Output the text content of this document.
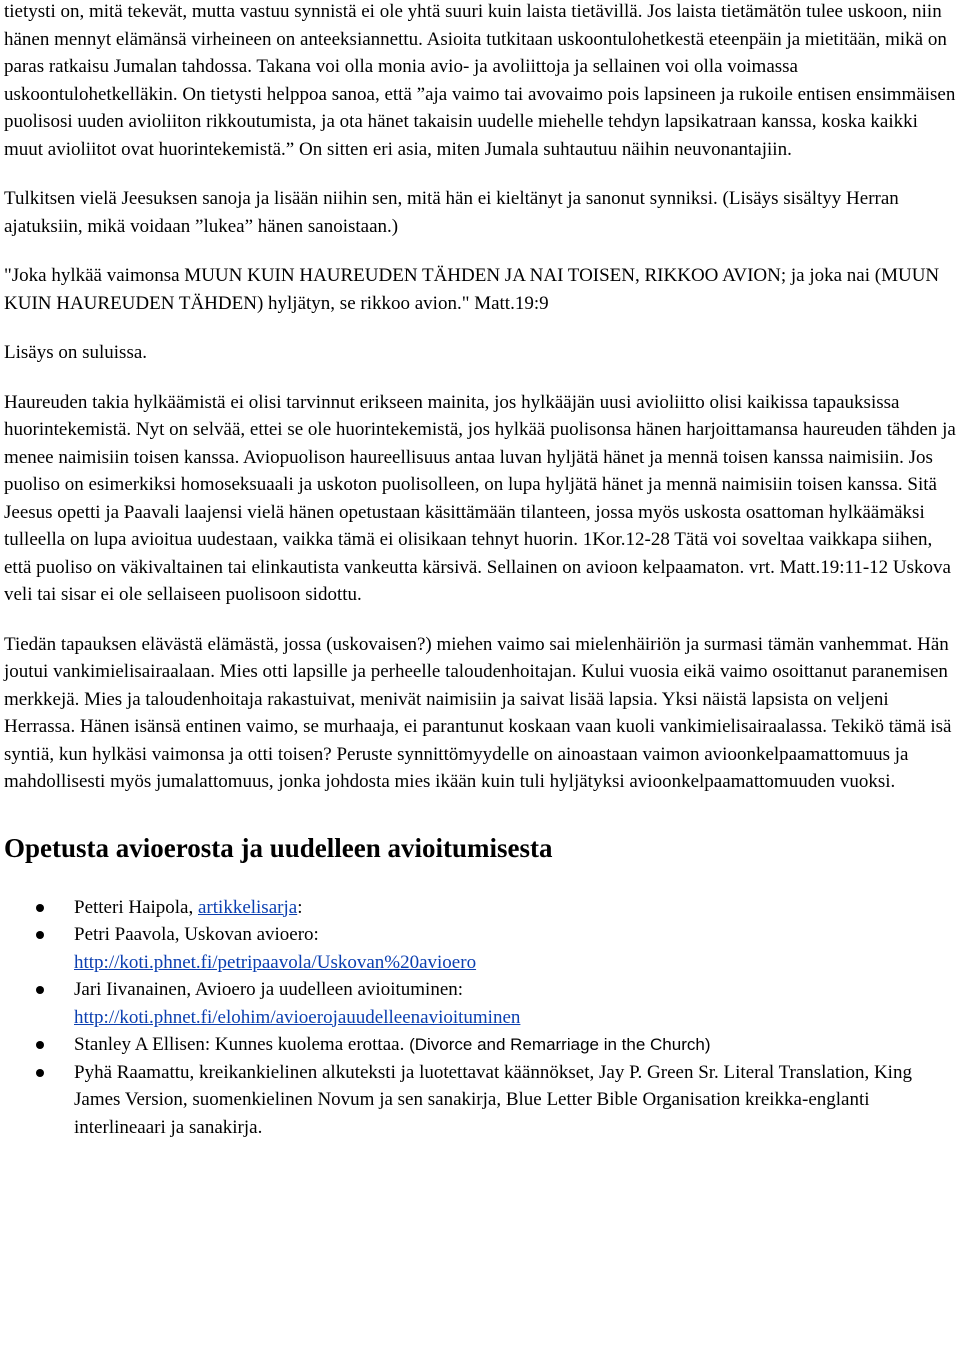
tietysti on, mitä tekevät, mutta vastuu synnistä ei ole yhtä suuri kuin laista tietävillä. Jos laista tietämätön tulee uskoon, niin hänen mennyt elämänsä virheineen on anteeksiannettu. Asioita tutkitaan uskoontulohetkestä eteenpäin ja mietitään, mikä on paras ratkaisu Jumalan tahdossa. Takana voi olla monia avio- ja avoliittoja ja sellainen voi olla voimassa uskoontulohetkelläkin. On tietysti helppoa sanoa, että ”aja vaimo tai avovaimo pois lapsineen ja rukoile entisen ensimmäisen puolisosi uuden avioliiton rikkoutumista, ja ota hänet takaisin uudelle miehelle tehdyn lapsikatraan kanssa, koska kaikki muut avioliitot ovat huorintekemistä.” On sitten eri asia, miten Jumala suhtautuu näihin neuvonantajiin.

Tulkitsen vielä Jeesuksen sanoja ja lisään niihin sen, mitä hän ei kieltänyt ja sanonut synniksi. (Lisäys sisältyy Herran ajatuksiin, mikä voidaan ”lukea” hänen sanoistaan.)

"Joka hylkää vaimonsa MUUN KUIN HAUREUDEN TÄHDEN JA NAI TOISEN, RIKKOO AVION; ja joka nai (MUUN KUIN HAUREUDEN TÄHDEN) hyljätyn, se rikkoo avion." Matt.19:9

Lisäys on suluissa.

Haureuden takia hylkäämistä ei olisi tarvinnut erikseen mainita, jos hylkääjän uusi avioliitto olisi kaikissa tapauksissa huorintekemistä. Nyt on selvää, ettei se ole huorintekemistä, jos hylkää puolisonsa hänen harjoittamansa haureuden tähden ja menee naimisiin toisen kanssa. Aviopuolison haureellisuus antaa luvan hyljätä hänet ja mennä toisen kanssa naimisiin. Jos puoliso on esimerkiksi homoseksuaali ja uskoton puolisolleen, on lupa hyljätä hänet ja mennä naimisiin toisen kanssa. Sitä Jeesus opetti ja Paavali laajensi vielä hänen opetustaan käsittämään tilanteen, jossa myös uskosta osattoman hylkäämäksi tulleella on lupa avioitua uudestaan, vaikka tämä ei olisikaan tehnyt huorin. 1Kor.12-28 Tätä voi soveltaa vaikkapa siihen, että puoliso on väkivaltainen tai elinkautista vankeutta kärsivä. Sellainen on avioon kelpaamaton. vrt. Matt.19:11-12 Uskova veli tai sisar ei ole sellaiseen puolisoon sidottu.

Tiedän tapauksen elävästä elämästä, jossa (uskovaisen?) miehen vaimo sai mielenhäiriön ja surmasi tämän vanhemmat. Hän joutui vankimielisairaalaan. Mies otti lapsille ja perheelle taloudenhoitajan. Kului vuosia eikä vaimo osoittanut paranemisen merkkejä. Mies ja taloudenhoitaja rakastuivat, menivät naimisiin ja saivat lisää lapsia. Yksi näistä lapsista on veljeni Herrassa. Hänen isänsä entinen vaimo, se murhaaja, ei parantunut koskaan vaan kuoli vankimielisairaalassa. Tekikö tämä isä syntiä, kun hylkäsi vaimonsa ja otti toisen? Peruste synnittömyydelle on ainoastaan vaimon avioonkelpaamattomuus ja mahdollisesti myös jumalattomuus, jonka johdosta mies ikään kuin tuli hyljätyksi avioonkelpaamattomuuden vuoksi.

Opetusta avioerosta ja uudelleen avioitumisesta
Petteri Haipola, artikkelisarja:
Petri Paavola, Uskovan avioero:
http://koti.phnet.fi/petripaavola/Uskovan%20avioero
Jari Iivanainen, Avioero ja uudelleen avioituminen:
http://koti.phnet.fi/elohim/avioerojauudelleenavioituminen
Stanley A Ellisen: Kunnes kuolema erottaa. (Divorce and Remarriage in the Church)
Pyhä Raamattu, kreikankielinen alkuteksti ja luotettavat käännökset, Jay P. Green Sr. Literal Translation, King James Version, suomenkielinen Novum ja sen sanakirja, Blue Letter Bible Organisation kreikka-englanti interlineaari ja sanakirja.
